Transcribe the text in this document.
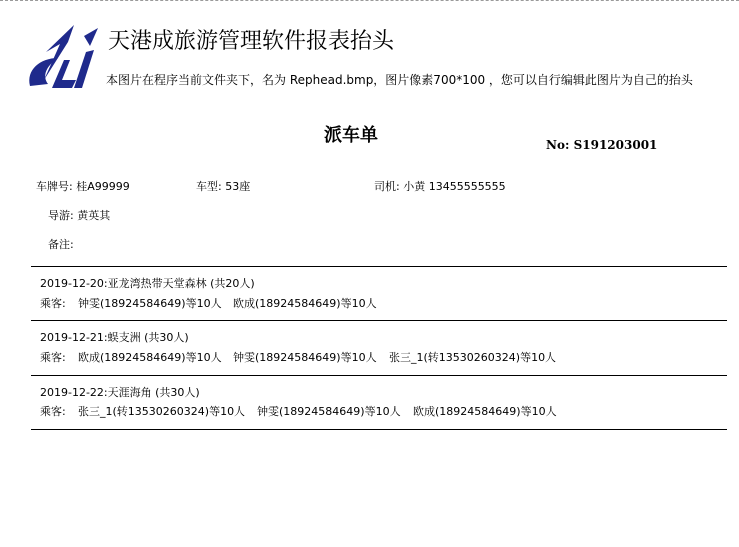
天港成旅游管理软件报表抬头
本图片在程序当前文件夹下，名为 Rephead.bmp，图片像素700*100 ，您可以自行编辑此图片为自己的抬头
派车单	No: S191203001
车牌号: 桂A99999	车型: 53座	司机: 小黄 13455555555
导游: 黄英其
备注:
2019-12-20:亚龙湾热带天堂森林 (共20人)
乘客: 钟雯(18924584649)等10人 欧成(18924584649)等10人
2019-12-21:蜈支洲 (共30人)
乘客: 欧成(18924584649)等10人 钟雯(18924584649)等10人 张三_1(转13530260324)等10人
2019-12-22:天涯海角 (共30人)
乘客: 张三_1(转13530260324)等10人 钟雯(18924584649)等10人 欧成(18924584649)等10人
